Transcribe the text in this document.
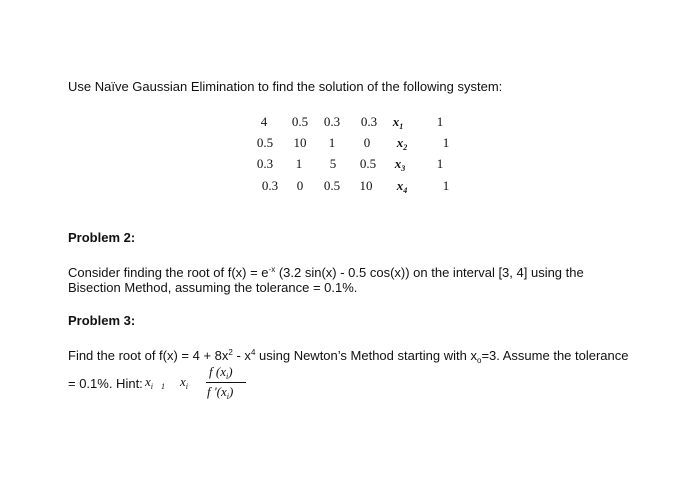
Use Naïve Gaussian Elimination to find the solution of the following system:
4	0.5	0.3	0.3	$x_1$	1
0.5	10	1	0	$x_2$	1
0.3	1	5	0.5	$x_3$	1
0.3	0	0.5	10	$x_4$	1
Problem 2:
Consider finding the root of $f(x) = e^{-x}$ (3.2 sin(x) - 0.5 cos(x)) on the interval [3, 4] using the
Bisection Method, assuming the tolerance = 0.1%.
Problem 3:
Find the root of $f(x) = 4 + 8x^2 - x^4$ using Newton’s Method starting with $x_o=3$. Assume the tolerance
= 0.1%. Hint: $x_{i 1}$ $x_i$
f $(x_i)$
f '$(x_i)$
